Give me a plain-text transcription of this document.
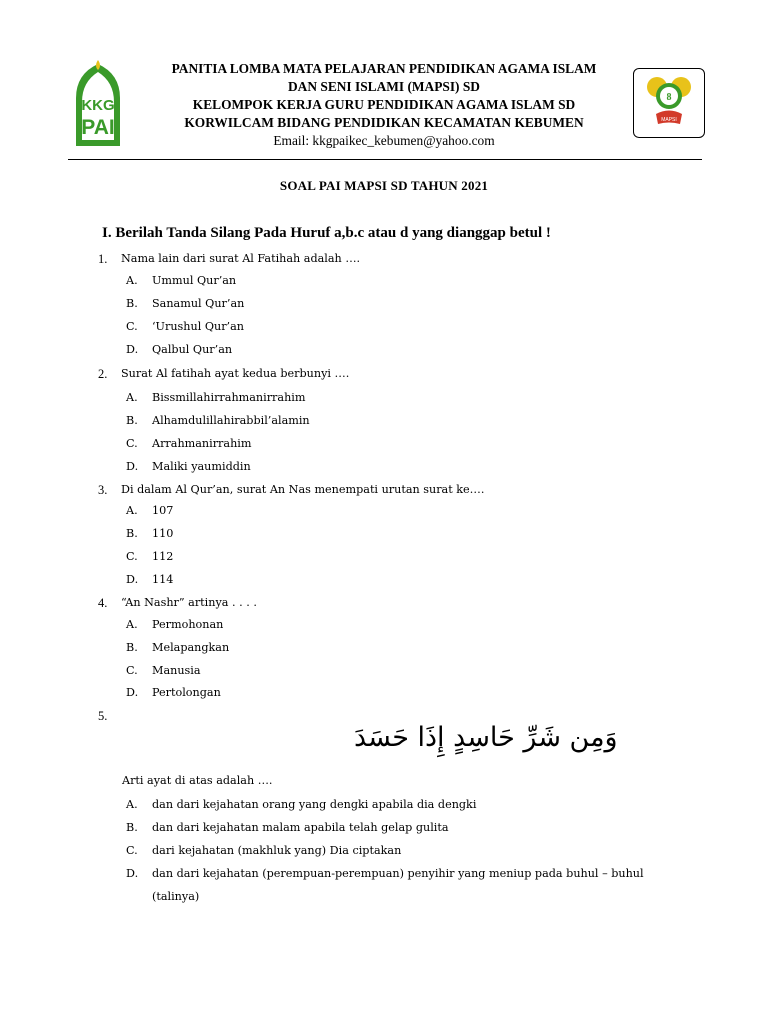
KKG
PAI
PANITIA LOMBA MATA PELAJARAN PENDIDIKAN AGAMA ISLAM
DAN SENI ISLAMI (MAPSI) SD
KELOMPOK KERJA GURU PENDIDIKAN AGAMA ISLAM SD
KORWILCAM BIDANG PENDIDIKAN KECAMATAN KEBUMEN
Email: kkgpaikec_kebumen@yahoo.com
8
MAPSI
SOAL PAI MAPSI SD TAHUN 2021
I. Berilah Tanda Silang Pada Huruf a,b.c atau d yang dianggap betul !
1. Nama lain dari surat Al Fatihah adalah ….
A. Ummul Qur’an
B. Sanamul Qur’an
C. ‘Urushul Qur’an
D. Qalbul Qur’an
2. Surat Al fatihah ayat kedua berbunyi ….
A. Bissmillahirrahmanirrahim
B. Alhamdulillahirabbil’alamin
C. Arrahmanirrahim
D. Maliki yaumiddin
3. Di dalam Al Qur’an, surat An Nas menempati urutan surat ke….
A. 107
B. 110
C. 112
D. 114
4. “An Nashr” artinya . . . .
A. Permohonan
B. Melapangkan
C. Manusia
D. Pertolongan
5.
وَمِن شَرِّ حَاسِدٍ إِذَا حَسَدَ
Arti ayat di atas adalah ….
A. dan dari kejahatan orang yang dengki apabila dia dengki
B. dan dari kejahatan malam apabila telah gelap gulita
C. dari kejahatan (makhluk yang) Dia ciptakan
D. dan dari kejahatan (perempuan-perempuan) penyihir yang meniup pada buhul – buhul
(talinya)
